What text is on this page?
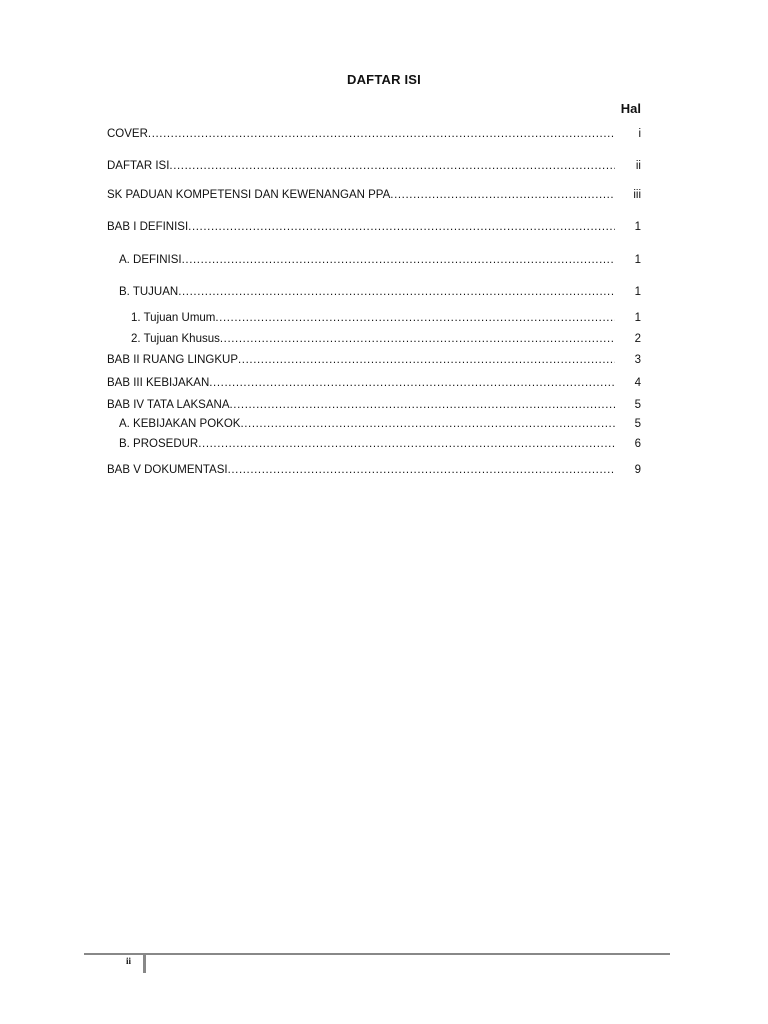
DAFTAR ISI
Hal
COVER .....	i
DAFTAR ISI .....	ii
SK PADUAN KOMPETENSI DAN KEWENANGAN PPA .....	iii
BAB I DEFINISI .....	1
A. DEFINISI .....	1
B. TUJUAN .....	1
1. Tujuan Umum .....	1
2. Tujuan Khusus .....	2
BAB II RUANG LINGKUP .....	3
BAB III KEBIJAKAN .....	4
BAB IV TATA LAKSANA .....	5
A. KEBIJAKAN POKOK .....	5
B. PROSEDUR .....	6
BAB V DOKUMENTASI .....	9
ii
